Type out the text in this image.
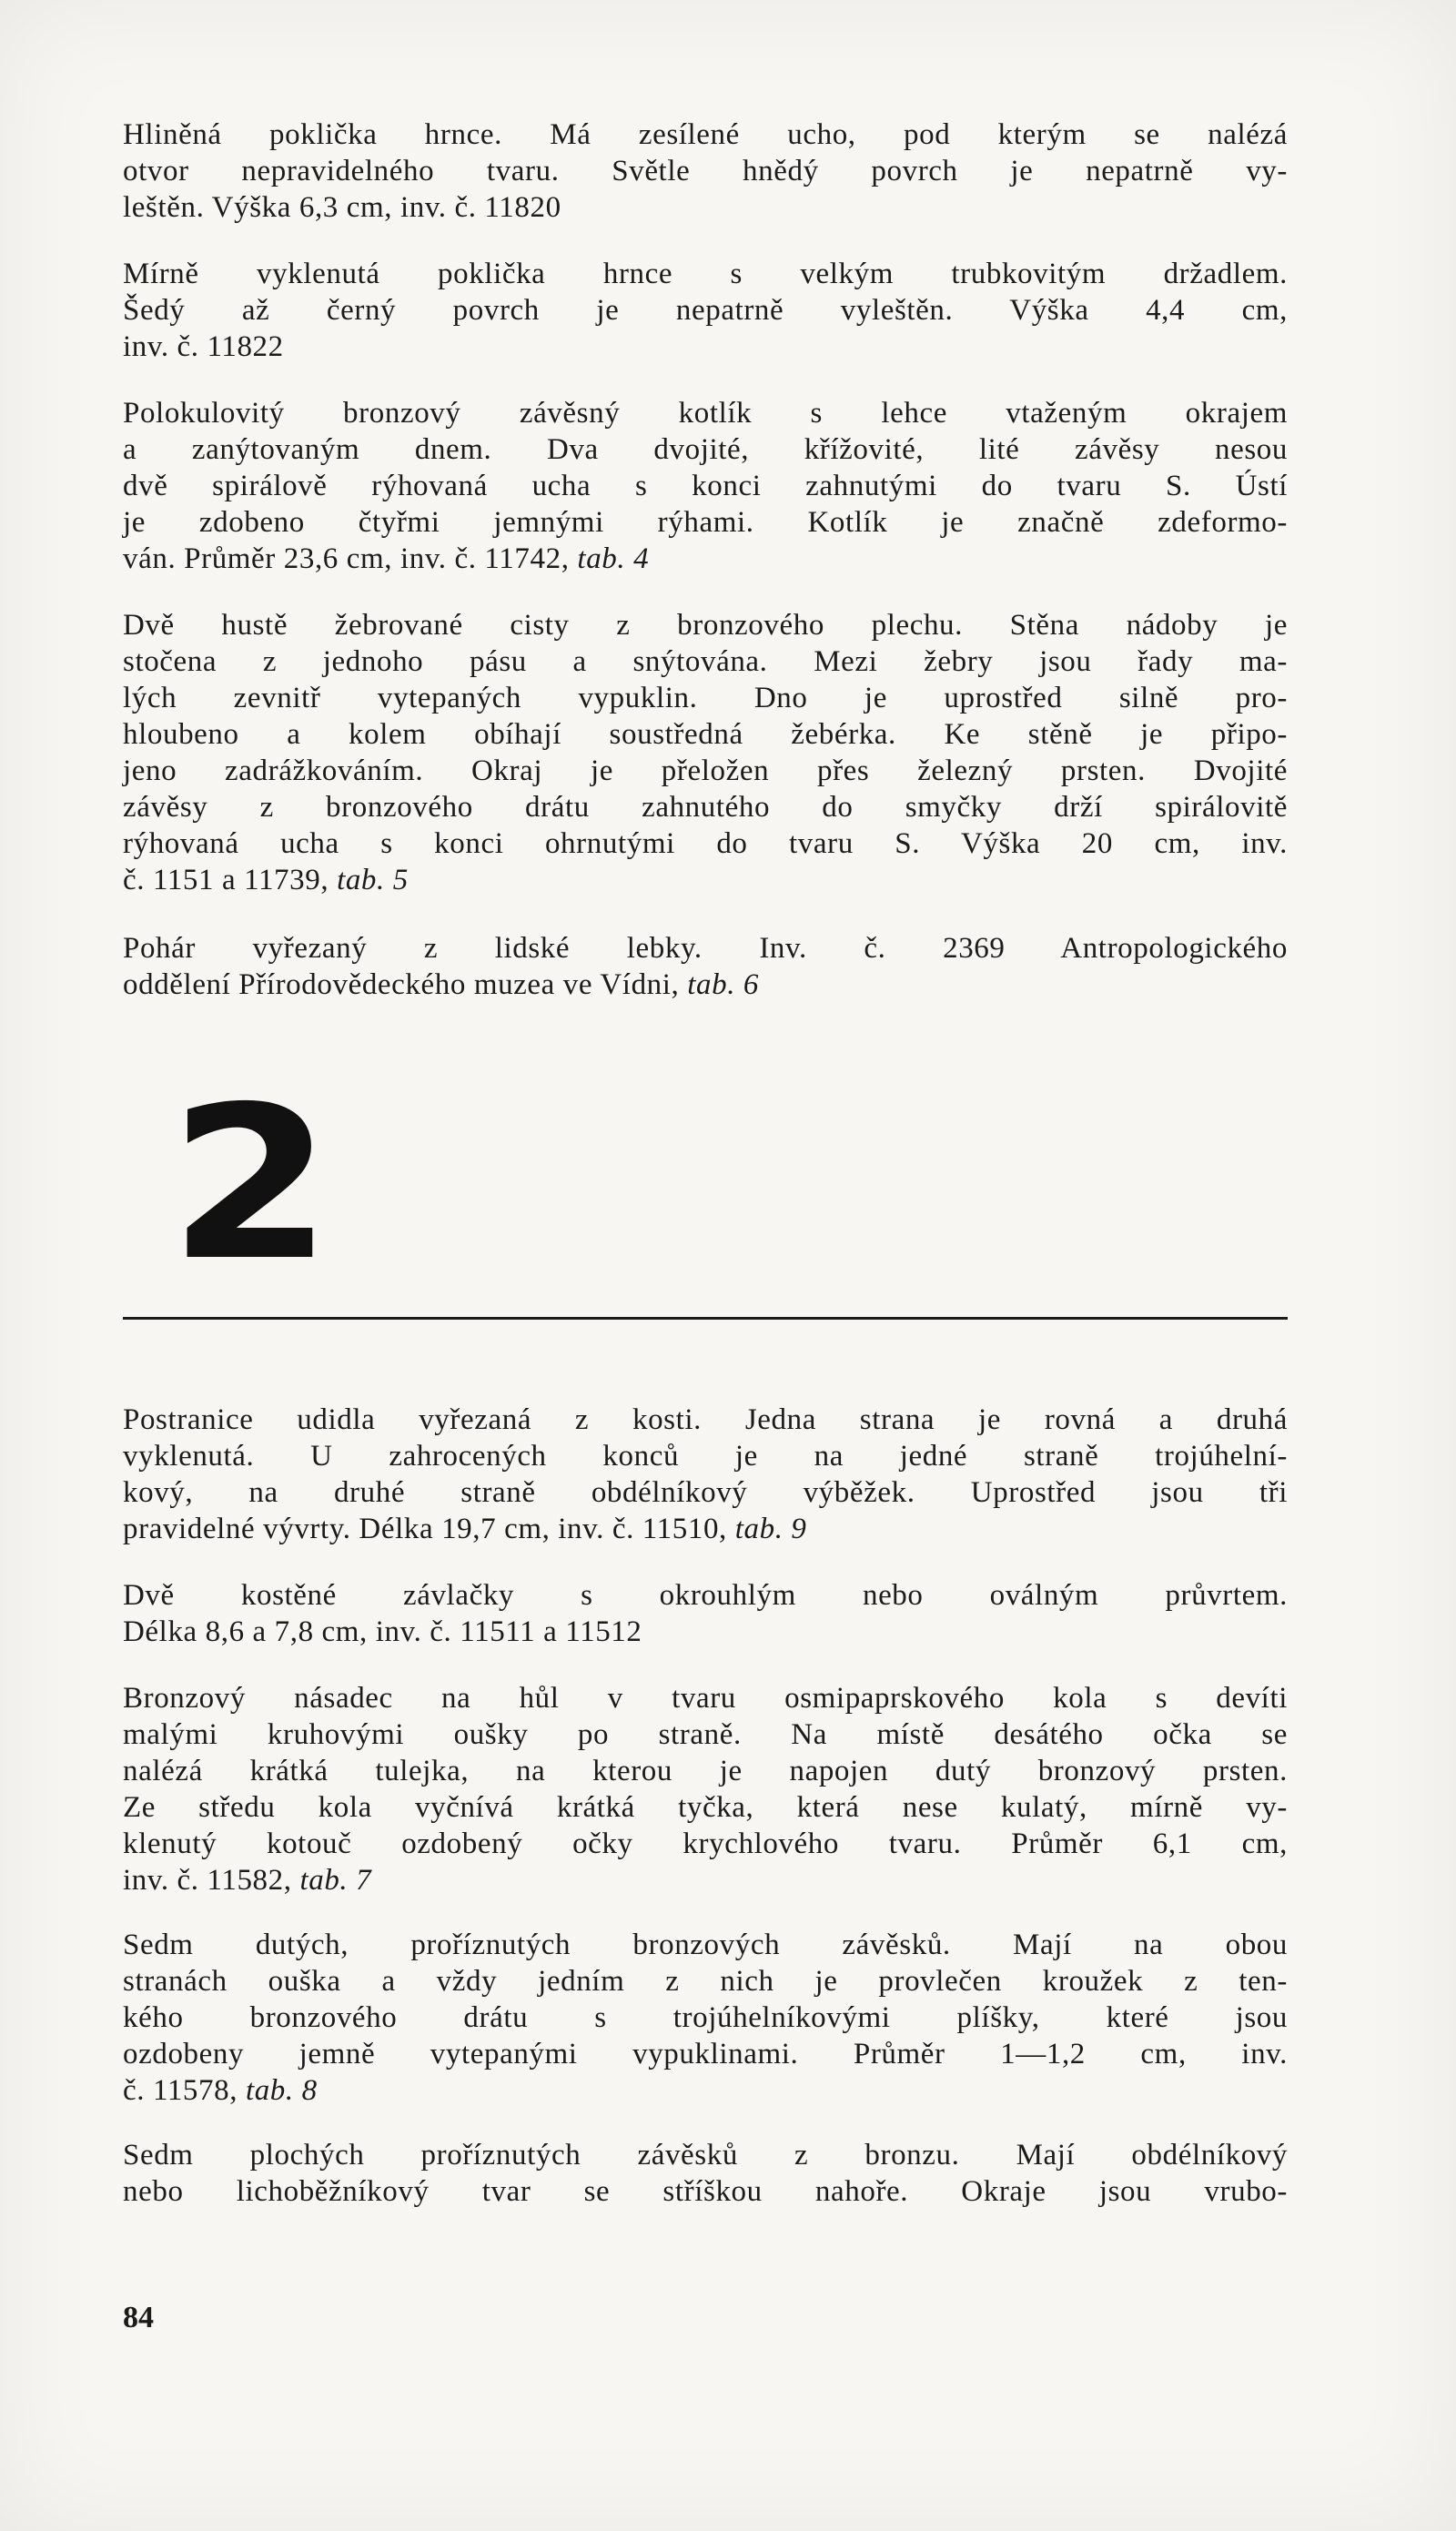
Hliněná poklička hrnce. Má zesílené ucho, pod kterým se nalézá
otvor nepravidelného tvaru. Světle hnědý povrch je nepatrně vy-
leštěn. Výška 6,3 cm, inv. č. 11820
Mírně vyklenutá poklička hrnce s velkým trubkovitým držadlem.
Šedý až černý povrch je nepatrně vyleštěn. Výška 4,4 cm,
inv. č. 11822
Polokulovitý bronzový závěsný kotlík s lehce vtaženým okrajem
a zanýtovaným dnem. Dva dvojité, křížovité, lité závěsy nesou
dvě spirálově rýhovaná ucha s konci zahnutými do tvaru S. Ústí
je zdobeno čtyřmi jemnými rýhami. Kotlík je značně zdeformo-
ván. Průměr 23,6 cm, inv. č. 11742, tab. 4
Dvě hustě žebrované cisty z bronzového plechu. Stěna nádoby je
stočena z jednoho pásu a snýtována. Mezi žebry jsou řady ma-
lých zevnitř vytepaných vypuklin. Dno je uprostřed silně pro-
hloubeno a kolem obíhají soustředná žebérka. Ke stěně je připo-
jeno zadrážkováním. Okraj je přeložen přes železný prsten. Dvojité
závěsy z bronzového drátu zahnutého do smyčky drží spirálovitě
rýhovaná ucha s konci ohrnutými do tvaru S. Výška 20 cm, inv.
č. 1151 a 11739, tab. 5
Pohár vyřezaný z lidské lebky. Inv. č. 2369 Antropologického
oddělení Přírodovědeckého muzea ve Vídni, tab. 6
2
Postranice udidla vyřezaná z kosti. Jedna strana je rovná a druhá
vyklenutá. U zahrocených konců je na jedné straně trojúhelní-
kový, na druhé straně obdélníkový výběžek. Uprostřed jsou tři
pravidelné vývrty. Délka 19,7 cm, inv. č. 11510, tab. 9
Dvě kostěné závlačky s okrouhlým nebo oválným průvrtem.
Délka 8,6 a 7,8 cm, inv. č. 11511 a 11512
Bronzový násadec na hůl v tvaru osmipaprskového kola s devíti
malými kruhovými oušky po straně. Na místě desátého očka se
nalézá krátká tulejka, na kterou je napojen dutý bronzový prsten.
Ze středu kola vyčnívá krátká tyčka, která nese kulatý, mírně vy-
klenutý kotouč ozdobený očky krychlového tvaru. Průměr 6,1 cm,
inv. č. 11582, tab. 7
Sedm dutých, proříznutých bronzových závěsků. Mají na obou
stranách ouška a vždy jedním z nich je provlečen kroužek z ten-
kého bronzového drátu s trojúhelníkovými plíšky, které jsou
ozdobeny jemně vytepanými vypuklinami. Průměr 1—1,2 cm, inv.
č. 11578, tab. 8
Sedm plochých proříznutých závěsků z bronzu. Mají obdélníkový
nebo lichoběžníkový tvar se stříškou nahoře. Okraje jsou vrubo-
84
